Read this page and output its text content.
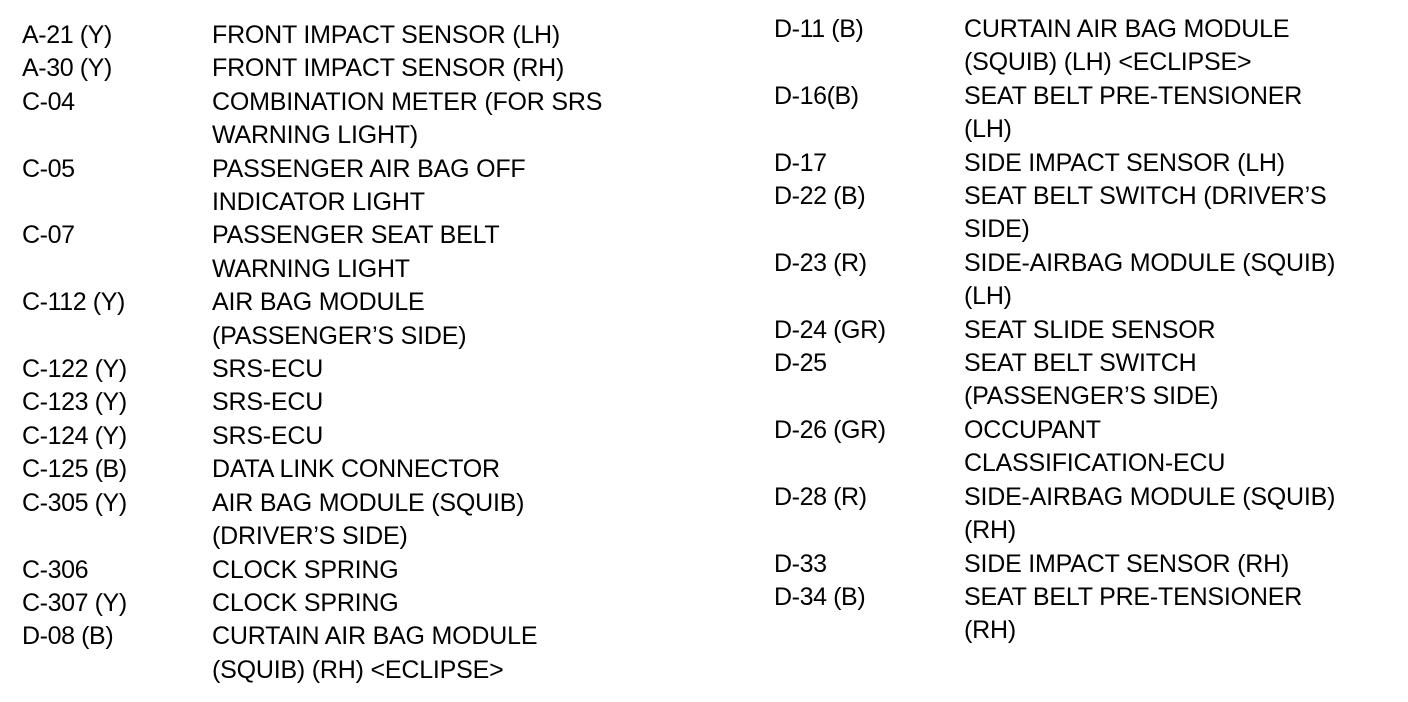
A-21 (Y)	FRONT IMPACT SENSOR (LH)
A-30 (Y)	FRONT IMPACT SENSOR (RH)
C-04	COMBINATION METER (FOR SRS
WARNING LIGHT)
C-05	PASSENGER AIR BAG OFF
INDICATOR LIGHT
C-07	PASSENGER SEAT BELT
WARNING LIGHT
C-112 (Y)	AIR BAG MODULE
(PASSENGER’S SIDE)
C-122 (Y)	SRS-ECU
C-123 (Y)	SRS-ECU
C-124 (Y)	SRS-ECU
C-125 (B)	DATA LINK CONNECTOR
C-305 (Y)	AIR BAG MODULE (SQUIB)
(DRIVER’S SIDE)
C-306	CLOCK SPRING
C-307 (Y)	CLOCK SPRING
D-08 (B)	CURTAIN AIR BAG MODULE
(SQUIB) (RH) <ECLIPSE>
D-11 (B)	CURTAIN AIR BAG MODULE
(SQUIB) (LH) <ECLIPSE>
D-16(B)	SEAT BELT PRE-TENSIONER
(LH)
D-17	SIDE IMPACT SENSOR (LH)
D-22 (B)	SEAT BELT SWITCH (DRIVER’S
SIDE)
D-23 (R)	SIDE-AIRBAG MODULE (SQUIB)
(LH)
D-24 (GR)	SEAT SLIDE SENSOR
D-25	SEAT BELT SWITCH
(PASSENGER’S SIDE)
D-26 (GR)	OCCUPANT
CLASSIFICATION-ECU
D-28 (R)	SIDE-AIRBAG MODULE (SQUIB)
(RH)
D-33	SIDE IMPACT SENSOR (RH)
D-34 (B)	SEAT BELT PRE-TENSIONER
(RH)
